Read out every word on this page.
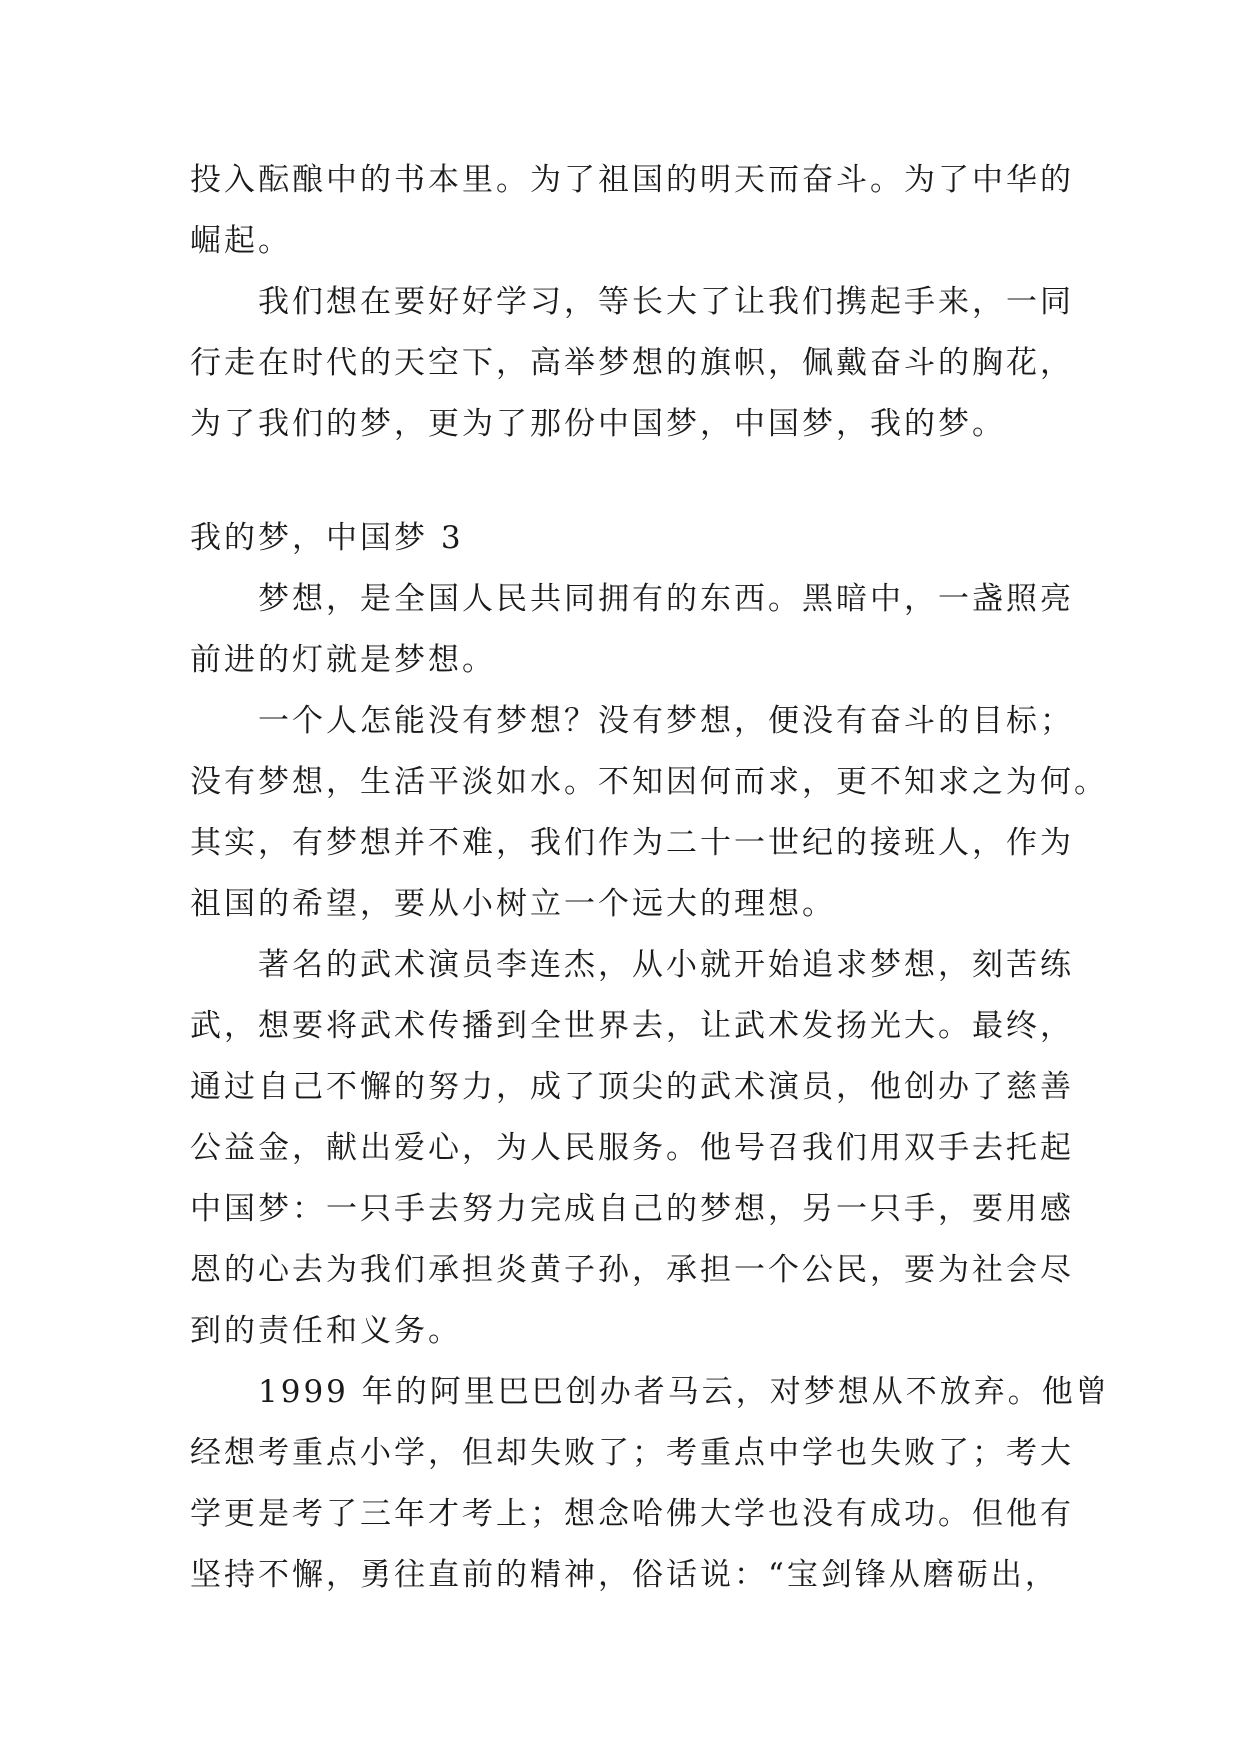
投入酝酿中的书本里。为了祖国的明天而奋斗。为了中华的
崛起。
我们想在要好好学习，等长大了让我们携起手来，一同
行走在时代的天空下，高举梦想的旗帜，佩戴奋斗的胸花，
为了我们的梦，更为了那份中国梦，中国梦，我的梦。
我的梦，中国梦 3
梦想，是全国人民共同拥有的东西。黑暗中，一盏照亮
前进的灯就是梦想。
一个人怎能没有梦想？没有梦想，便没有奋斗的目标；
没有梦想，生活平淡如水。不知因何而求，更不知求之为何。
其实，有梦想并不难，我们作为二十一世纪的接班人，作为
祖国的希望，要从小树立一个远大的理想。
著名的武术演员李连杰，从小就开始追求梦想，刻苦练
武，想要将武术传播到全世界去，让武术发扬光大。最终，
通过自己不懈的努力，成了顶尖的武术演员，他创办了慈善
公益金，献出爱心，为人民服务。他号召我们用双手去托起
中国梦：一只手去努力完成自己的梦想，另一只手，要用感
恩的心去为我们承担炎黄子孙，承担一个公民，要为社会尽
到的责任和义务。
1999 年的阿里巴巴创办者马云，对梦想从不放弃。他曾
经想考重点小学，但却失败了；考重点中学也失败了；考大
学更是考了三年才考上；想念哈佛大学也没有成功。但他有
坚持不懈，勇往直前的精神，俗话说：“宝剑锋从磨砺出，
